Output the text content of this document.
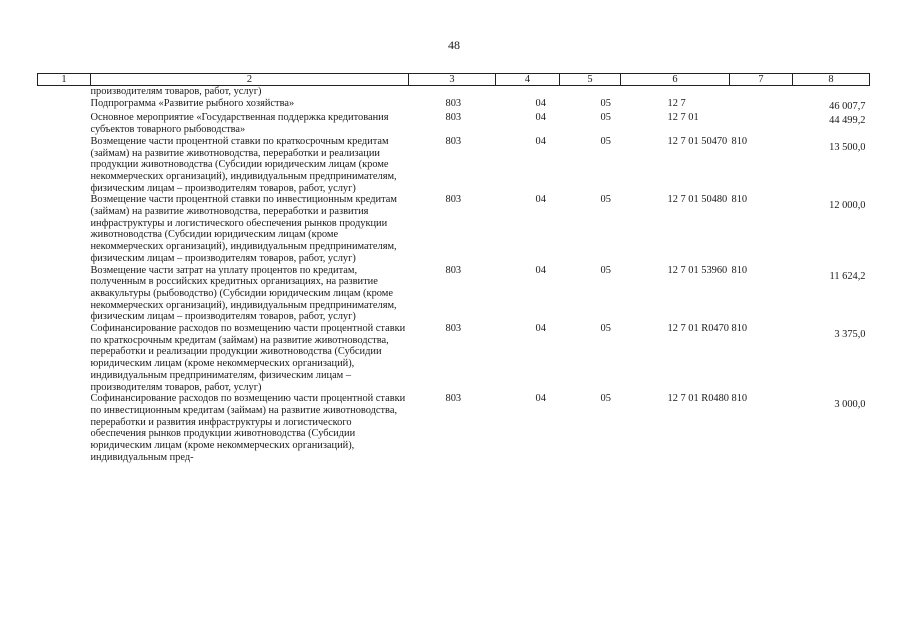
48
1	2	3	4	5	6	7	8
производителям товаров, работ, услуг)							
Подпрограмма «Развитие рыбного хозяйства»		803	04	05	12 7		46 007,7
Основное мероприятие «Государственная поддержка кредитования субъектов товарного рыбоводства»		803	04	05	12 7 01		44 499,2
Возмещение части процентной ставки по краткосрочным кредитам (займам) на развитие животноводства, переработки и реализации продукции животноводства (Субсидии юридическим лицам (кроме некоммерческих организаций), индивидуальным предпринимателям, физическим лицам – производителям товаров, работ, услуг)		803	04	05	12 7 01 50470	810	13 500,0
Возмещение части процентной ставки по инвестиционным кредитам (займам) на развитие животноводства, переработки и развития инфраструктуры и логистического обеспечения рынков продукции животноводства (Субсидии юридическим лицам (кроме некоммерческих организаций), индивидуальным предпринимателям, физическим лицам – производителям товаров, работ, услуг)		803	04	05	12 7 01 50480	810	12 000,0
Возмещение части затрат на уплату процентов по кредитам, полученным в российских кредитных организациях, на развитие аквакультуры (рыбоводство) (Субсидии юридическим лицам (кроме некоммерческих организаций), индивидуальным предпринимателям, физическим лицам – производителям товаров, работ, услуг)		803	04	05	12 7 01 53960	810	11 624,2
Софинансирование расходов по возмещению части процентной ставки по краткосрочным кредитам (займам) на развитие животноводства, переработки и реализации продукции животноводства (Субсидии юридическим лицам (кроме некоммерческих организаций), индивидуальным предпринимателям, физическим лицам – производителям товаров, работ, услуг)		803	04	05	12 7 01 R0470	810	3 375,0
Софинансирование расходов по возмещению части процентной ставки по инвестиционным кредитам (займам) на развитие животноводства, переработки и развития инфраструктуры и логистического обеспечения рынков продукции животноводства (Субсидии юридическим лицам (кроме некоммерческих организаций), индивидуальным пред-		803	04	05	12 7 01 R0480	810	3 000,0
